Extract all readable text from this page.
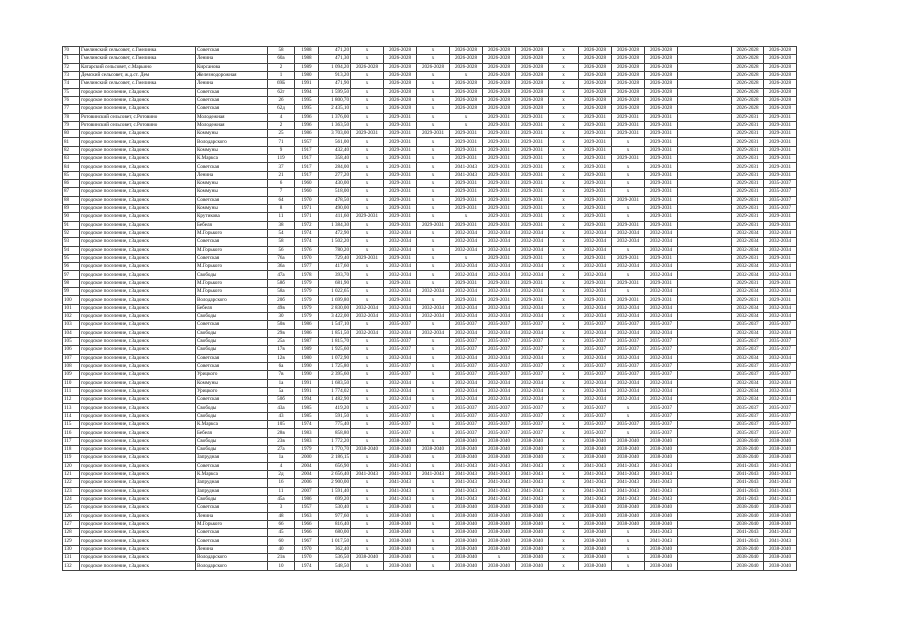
70	Гмелинский сельсовет, с.Гмелинка	Советская	58	1988	471,20	х	2026-2028	х	2026-2028	2026-2028	2026-2028	х	2026-2028	2026-2028	2026-2028		2026-2028	2026-2028
71	Гмелинский сельсовет, с.Гмелинка	Ленина	60а	1988	471,30	х	2026-2028	х	2026-2028	2026-2028	2026-2028	х	2026-2028	2026-2028	2026-2028		2026-2028	2026-2028
72	Катарский сельсовет, с.Марьино	Кирсанова	2	1989	1 094,20	2026-2028	2026-2028	2026-2028	2026-2028	2026-2028	2026-2028	х	2026-2028	2026-2028	2026-2028		2026-2028	2026-2028
73	Демский сельсовет, ж.д.ст. Дем	Железнодорожная	1	1980	913,20	х	2026-2028	х	х	2026-2028	2026-2028	х	2026-2028	2026-2028	2026-2028		2026-2028	2026-2028
74	Гмелинский сельсовет, с.Гмелинка	Ленина	69Б	1991	471,90	х	2026-2028	х	2026-2028	2026-2028	2026-2028	х	2026-2028	2026-2028	2026-2028		2026-2028	2026-2028
75	городское поселение, г.Задонск	Советская	62г	1994	1 599,50	х	2026-2028	х	2026-2028	2026-2028	2026-2028	х	2026-2028	2026-2028	2026-2028		2026-2028	2026-2028
76	городское поселение, г.Задонск	Советская	26	1995	1 800,70	х	2026-2028	х	2026-2028	2026-2028	2026-2028	х	2026-2028	2026-2028	2026-2028		2026-2028	2026-2028
77	городское поселение, г.Задонск	Советская	62д	1995	2 435,10	х	2026-2028	х	2026-2028	2026-2028	2026-2028	х	2026-2028	2026-2028	2026-2028		2026-2028	2026-2028
78	Ротовинский сельсовет, с.Ротовино	Молодежная	4	1996	1 376,00	х	2029-2031	х	х	2029-2031	2029-2031	х	2029-2031	2029-2031	2029-2031		2029-2031	2029-2031
79	Ротовинский сельсовет, с.Ротовино	Молодежная	2	1996	1 363,50	х	2029-2031	х	х	2029-2031	2029-2031	х	2029-2031	2029-2031	2029-2031		2029-2031	2029-2031
80	городское поселение, г.Задонск	Коммуны	25	1986	3 703,00	2029-2031	2029-2031	2029-2031	2029-2031	2029-2031	2029-2031	х	2029-2031	2029-2031	2029-2031		2029-2031	2029-2031
81	городское поселение, г.Задонск	Володарского	71	1957	561,00	х	2029-2031	х	2029-2031	2029-2031	2029-2031	х	2029-2031	х	2029-2031		2029-2031	2029-2031
82	городское поселение, г.Задонск	Коммуны	9	1917	432,40	х	2029-2031	х	2029-2031	2029-2031	2029-2031	х	2029-2031	х	2029-2031		2029-2031	2029-2031
83	городское поселение, г.Задонск	К.Маркса	119	1917	358,40	х	2029-2031	х	2029-2031	2029-2031	2029-2031	х	2029-2031	2029-2031	2029-2031		2029-2031	2029-2031
84	городское поселение, г.Задонск	Советская	37	1917	284,00	х	2029-2031	х	2041-2043	2029-2031	2029-2031	х	2029-2031	х	2029-2031		2029-2031	2029-2031
85	городское поселение, г.Задонск	Ленина	21	1917	277,20	х	2029-2031	х	2041-2043	2029-2031	2029-2031	х	2029-2031	х	2029-2031		2029-2031	2029-2031
86	городское поселение, г.Задонск	Коммуны	6	1960	430,00	х	2029-2031	х	2029-2031	2029-2031	2029-2031	х	2029-2031	х	2029-2031		2029-2031	2035-2037
87	городское поселение, г.Задонск	Коммуны	7	1960	518,00	х	2029-2031	х	2029-2031	2029-2031	2029-2031	х	2029-2031	х	2029-2031		2029-2031	2035-2037
88	городское поселение, г.Задонск	Советская	64	1970	478,50	х	2029-2031	х	2029-2031	2029-2031	2029-2031	х	2029-2031	2029-2031	2029-2031		2029-2031	2035-2037
89	городское поселение, г.Задонск	Коммуны	8	1971	490,00	х	2029-2031	х	2029-2031	2029-2031	2029-2031	х	2029-2031	х	2029-2031		2029-2031	2035-2037
90	городское поселение, г.Задонск	Крутикова	11	1971	411,60	2029-2031	2029-2031	х	х	2029-2031	2029-2031	х	2029-2031	х	2029-2031		2029-2031	2029-2031
91	городское поселение, г.Задонск	Бебеля	38	1972	1 384,30	х	2029-2031	2029-2031	2029-2031	2029-2031	2029-2031	х	2029-2031	2029-2031	2029-2031		2029-2031	2029-2031
92	городское поселение, г.Задонск	М.Горького	54	1974	472,90	х	2032-2034	х	2032-2034	2032-2034	2032-2034	х	2032-2034	2032-2034	2032-2034		2032-2034	2032-2034
93	городское поселение, г.Задонск	Советская	58	1974	1 502,20	х	2032-2034	х	2032-2034	2032-2034	2032-2034	х	2032-2034	2032-2034	2032-2034		2032-2034	2032-2034
94	городское поселение, г.Задонск	М.Горького	56	1976	780,20	х	2032-2034	х	2032-2034	2032-2034	2032-2034	х	2032-2034	х	2032-2034		2032-2034	2032-2034
95	городское поселение, г.Задонск	Советская	76а	1970	729,40	2029-2031	2029-2031	х	х	2029-2031	2029-2031	х	2029-2031	2029-2031	2029-2031		2029-2031	2029-2031
96	городское поселение, г.Задонск	М.Горького	36а	1977	417,60	х	2032-2034	х	2032-2034	2032-2034	2032-2034	х	2032-2034	2032-2034	2032-2034		2032-2034	2032-2034
97	городское поселение, г.Задонск	Свободы	47а	1978	393,70	х	2032-2034	х	2032-2034	2032-2034	2032-2034	х	2032-2034	х	2032-2034		2032-2034	2032-2034
98	городское поселение, г.Задонск	М.Горького	58б	1979	681,90	х	2029-2031	х	2029-2031	2029-2031	2029-2031	х	2029-2031	2029-2031	2029-2031		2029-2031	2029-2031
99	городское поселение, г.Задонск	М.Горького	58а	1979	1 022,65	х	2032-2034	2032-2034	2032-2034	2032-2034	2032-2034	х	2032-2034	х	2032-2034		2032-2034	2032-2034
100	городское поселение, г.Задонск	Володарского	20б	1979	1 699,80	х	2029-2031	х	2029-2031	2029-2031	2029-2031	х	2029-2031	2029-2031	2029-2031		2029-2031	2029-2031
101	городское поселение, г.Задонск	Бебеля	49в	1979	2 830,00	2032-2034	2032-2034	2032-2034	2032-2034	2032-2034	2032-2034	х	2032-2034	2032-2034	2032-2034		2032-2034	2032-2034
102	городское поселение, г.Задонск	Свободы	30	1979	3 422,00	2032-2034	2032-2034	2032-2034	2032-2034	2032-2034	2032-2034	х	2032-2034	2032-2034	2032-2034		2032-2034	2032-2034
103	городское поселение, г.Задонск	Советская	50в	1986	1 547,10	х	2035-2037	х	2035-2037	2035-2037	2035-2037	х	2035-2037	2035-2037	2035-2037		2035-2037	2035-2037
104	городское поселение, г.Задонск	Свободы	29в	1986	1 851,50	2032-2034	2032-2034	2032-2034	2032-2034	2032-2034	2032-2034	х	2032-2034	2032-2034	2032-2034		2032-2034	2032-2034
105	городское поселение, г.Задонск	Свободы	25а	1987	1 815,70	х	2035-2037	х	2035-2037	2035-2037	2035-2037	х	2035-2037	2035-2037	2035-2037		2035-2037	2035-2037
106	городское поселение, г.Задонск	Свободы	17в	1989	1 925,60	х	2035-2037	х	2035-2037	2035-2037	2035-2037	х	2035-2037	2035-2037	2035-2037		2035-2037	2035-2037
107	городское поселение, г.Задонск	Советская	12в	1980	1 072,90	х	2032-2034	х	2032-2034	2032-2034	2032-2034	х	2032-2034	2032-2034	2032-2034		2032-2034	2032-2034
108	городское поселение, г.Задонск	Советская	6а	1990	1 725,80	х	2035-2037	х	2035-2037	2035-2037	2035-2037	х	2035-2037	2035-2037	2035-2037		2035-2037	2035-2037
109	городское поселение, г.Задонск	Урицкого	7в	1990	2 395,60	х	2035-2037	х	2035-2037	2035-2037	2035-2037	х	2035-2037	2035-2037	2035-2037		2035-2037	2035-2037
110	городское поселение, г.Задонск	Коммуны	1а	1991	1 683,50	х	2032-2034	х	2032-2034	2032-2034	2032-2034	х	2032-2034	2032-2034	2032-2034		2032-2034	2032-2034
111	городское поселение, г.Задонск	Урицкого	5а	1991	1 774,02	х	2032-2034	х	2032-2034	2032-2034	2032-2034	х	2032-2034	2032-2034	2032-2034		2032-2034	2032-2034
112	городское поселение, г.Задонск	Советская	50б	1994	1 482,90	х	2032-2034	х	2032-2034	2032-2034	2032-2034	х	2032-2034	2032-2034	2032-2034		2032-2034	2032-2034
113	городское поселение, г.Задонск	Свободы	43а	1985	419,20	х	2035-2037	х	2035-2037	2035-2037	2035-2037	х	2035-2037	х	2035-2037		2035-2037	2035-2037
114	городское поселение, г.Задонск	Свободы	43	1985	591,50	х	2035-2037	х	2035-2037	2035-2037	2035-2037	х	2035-2037	х	2035-2037		2035-2037	2035-2037
115	городское поселение, г.Задонск	К.Маркса	105	1974	775,40	х	2035-2037	х	2035-2037	2035-2037	2035-2037	х	2035-2037	2035-2037	2035-2037		2035-2037	2035-2037
116	городское поселение, г.Задонск	Бебеля	28в	1983	858,80	х	2035-2037	х	2035-2037	2035-2037	2035-2037	х	2035-2037	х	2035-2037		2035-2037	2035-2037
117	городское поселение, г.Задонск	Свободы	23в	1983	1 772,20	х	2038-2040	х	2038-2040	2038-2040	2038-2040	х	2038-2040	2038-2040	2038-2040		2038-2040	2038-2040
118	городское поселение, г.Задонск	Свободы	27а	1979	1 770,70	2038-2040	2038-2040	2038-2040	2038-2040	2038-2040	2038-2040	х	2038-2040	2038-2040	2038-2040		2038-2040	2038-2040
119	городское поселение, г.Задонск	Запрудная	1а	2000	2 186,15	х	2038-2040	х	2038-2040	2038-2040	2038-2040	х	2038-2040	2038-2040	2038-2040		2038-2040	2038-2040
120	городское поселение, г.Задонск	Советская	4	2004	656,90	х	2041-2043	х	2041-2043	2041-2043	2041-2043	х	2041-2043	2041-2043	2041-2043		2041-2043	2041-2043
121	городское поселение, г.Задонск	К.Маркса	2д	2004	2 656,40	2041-2043	2041-2043	2041-2043	2041-2043	2041-2043	2041-2043	х	2041-2043	2041-2043	2041-2043		2041-2043	2041-2043
122	городское поселение, г.Задонск	Запрудная	16	2006	2 900,00	х	2041-2043	х	2041-2043	2041-2043	2041-2043	х	2041-2043	2041-2043	2041-2043		2041-2043	2041-2043
123	городское поселение, г.Задонск	Запрудная	11	2007	1 591,40	х	2041-2043	х	2041-2043	2041-2043	2041-2043	х	2041-2043	2041-2043	2041-2043		2041-2043	2041-2043
124	городское поселение, г.Задонск	Свободы	45а	1986	699,20	х	2041-2043	х	2041-2043	2041-2043	2041-2043	х	2041-2043	2041-2043	2041-2043		2041-2043	2041-2043
125	городское поселение, г.Задонск	Советская	3	1957	530,40	х	2038-2040	х	2038-2040	2038-2040	2038-2040	х	2038-2040	2038-2040	2038-2040		2038-2040	2038-2040
126	городское поселение, г.Задонск	Ленина	48	1963	977,60	х	2038-2040	х	2038-2040	2038-2040	2038-2040	х	2038-2040	2038-2040	2038-2040		2038-2040	2038-2040
127	городское поселение, г.Задонск	М.Горького	66	1966	816,40	х	2038-2040	х	2038-2040	2038-2040	2038-2040	х	2038-2040	2038-2040	2038-2040		2038-2040	2038-2040
128	городское поселение, г.Задонск	Советская	45	1966	680,00	х	2038-2040	х	2038-2040	2038-2040	2038-2040	х	2038-2040	х	2041-2043		2041-2043	2041-2043
129	городское поселение, г.Задонск	Советская	60	1967	1 017,50	х	2038-2040	х	2038-2040	2038-2040	2038-2040	х	2038-2040	х	2041-2043		2041-2043	2041-2043
130	городское поселение, г.Задонск	Ленина	40	1970	362,40	х	2038-2040	х	2038-2040	2038-2040	2038-2040	х	2038-2040	х	2038-2040		2038-2040	2038-2040
131	городское поселение, г.Задонск	Володарского	21в	1970	536,50	2038-2040	2038-2040	х	2038-2040	х	2038-2040	х	2038-2040	х	2038-2040		2038-2040	2038-2040
132	городское поселение, г.Задонск	Володарского	10	1974	548,50	х	2038-2040	х	2038-2040	2038-2040	2038-2040	х	2038-2040	х	2038-2040		2038-2040	2038-2040
